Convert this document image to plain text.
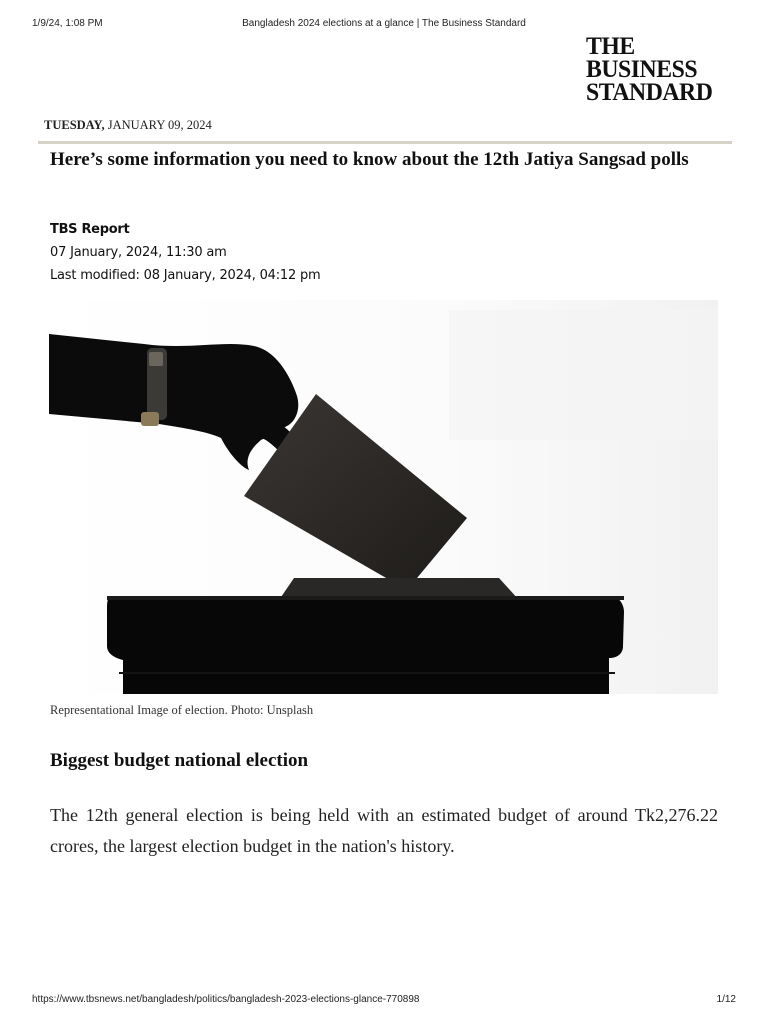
1/9/24, 1:08 PM	Bangladesh 2024 elections at a glance | The Business Standard
THE
BUSINESS
STANDARD
TUESDAY, JANUARY 09, 2024
Here’s some information you need to know about the 12th Jatiya Sangsad polls
TBS Report
07 January, 2024, 11:30 am
Last modified: 08 January, 2024, 04:12 pm
Representational Image of election. Photo: Unsplash
Biggest budget national election

The 12th general election is being held with an estimated budget of around Tk2,276.22 crores, the largest election budget in the nation's history.

https://www.tbsnews.net/bangladesh/politics/bangladesh-2023-elections-glance-770898	1/12
